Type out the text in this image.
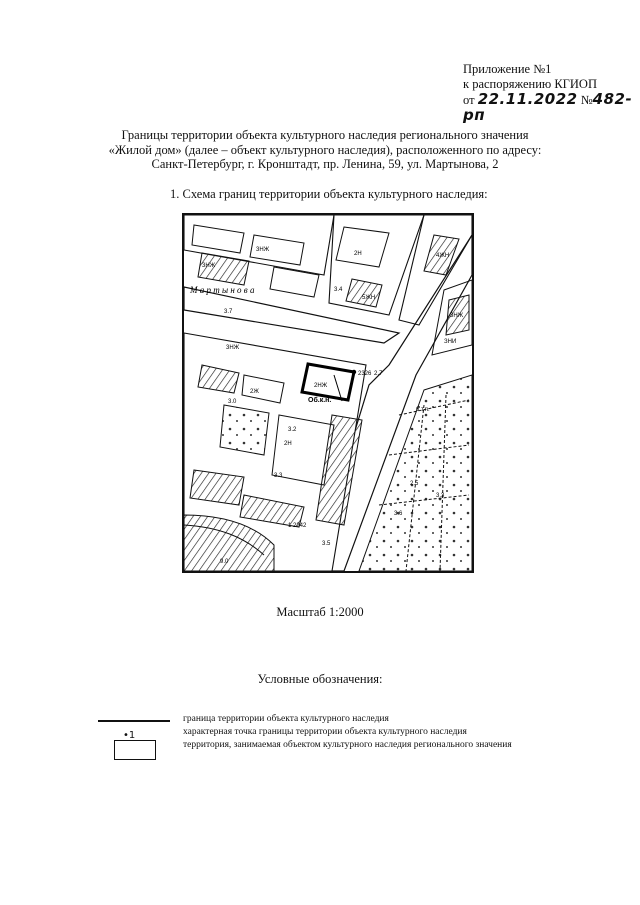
Приложение №1
к распоряжению КГИОП
от 22.11.2022 №482-рп
Границы территории объекта культурного наследия регионального значения
«Жилой дом» (далее – объект культурного наследия), расположенного по адресу:
Санкт-Петербург, г. Кронштадт, пр. Ленина, 59, ул. Мартынова, 2
1. Схема границ территории объекта культурного наследия:
М а р т ы н о в а
Об.к.н.
2326
1 2242
3НЖ
3НЖ
3НЖ
2НЖ
2Н
5ЖН
4ЖН
6 т.п.
3НЖ
2Ж
2Н
ЗНИ
3.4
3.7
2.7
3.0
3.3
3.5
3.2
2.5
3.6
3.3
9.0
Масштаб 1:2000
Условные обозначения:
граница территории объекта культурного наследия
•1	характерная точка границы территории объекта культурного наследия
территория, занимаемая объектом культурного наследия регионального значения
